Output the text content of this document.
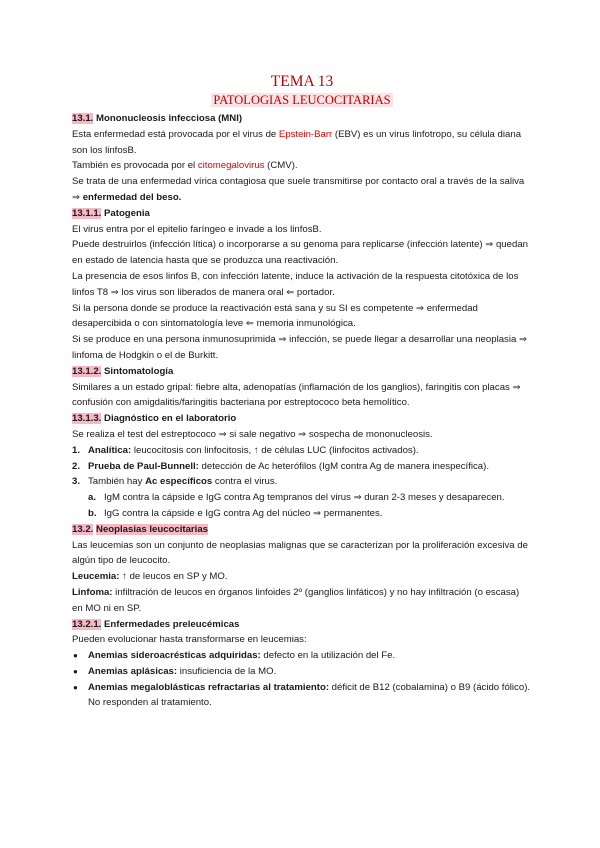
TEMA 13
PATOLOGIAS LEUCOCITARIAS

13.1. Mononucleosis infecciosa (MNI)

Esta enfermedad está provocada por el virus de Epstein-Barr (EBV) es un virus linfotropo, su célula diana son los linfosB.

También es provocada por el citomegalovirus (CMV).

Se trata de una enfermedad vírica contagiosa que suele transmitirse por contacto oral a través de la saliva ⇒ enfermedad del beso.

13.1.1. Patogenia

El virus entra por el epitelio faríngeo e invade a los linfosB.

Puede destruirlos (infección lítica) o incorporarse a su genoma para replicarse (infección latente) ⇒ quedan en estado de latencia hasta que se produzca una reactivación.

La presencia de esos linfos B, con infección latente, induce la activación de la respuesta citotóxica de los linfos T8 ⇒ los virus son liberados de manera oral ⇐ portador.

Si la persona donde se produce la reactivación está sana y su SI es competente ⇒ enfermedad desapercibida o con sintomatología leve ⇐ memoria inmunológica.

Si se produce en una persona inmunosuprimida ⇒ infección, se puede llegar a desarrollar una neoplasia ⇒ linfoma de Hodgkin o el de Burkitt.

13.1.2. Sintomatología

Similares a un estado gripal: fiebre alta, adenopatías (inflamación de los ganglios), faringitis con placas ⇒ confusión con amigdalitis/faringitis bacteriana por estreptococo beta hemolítico.

13.1.3. Diagnóstico en el laboratorio

Se realiza el test del estreptococo ⇒ si sale negativo ⇒ sospecha de mononucleosis.

1. Analítica: leucocitosis con linfocitosis, ↑ de células LUC (linfocitos activados).
2. Prueba de Paul-Bunnell: detección de Ac heterófilos (IgM contra Ag de manera inespecífica).
3. También hay Ac específicos contra el virus.
a. IgM contra la cápside e IgG contra Ag tempranos del virus ⇒ duran 2-3 meses y desaparecen.
b. IgG contra la cápside e IgG contra Ag del núcleo ⇒ permanentes.

13.2. Neoplasias leucocitarias

Las leucemias son un conjunto de neoplasias malignas que se caracterizan por la proliferación excesiva de algún tipo de leucocito.

Leucemia: ↑ de leucos en SP y MO.

Linfoma: infiltración de leucos en órganos linfoides 2º (ganglios linfáticos) y no hay infiltración (o escasa) en MO ni en SP.

13.2.1. Enfermedades preleucémicas

Pueden evolucionar hasta transformarse en leucemias:

● Anemias sideroacrésticas adquiridas: defecto en la utilización del Fe.
● Anemias aplásicas: insuficiencia de la MO.
● Anemias megaloblásticas refractarias al tratamiento: déficit de B12 (cobalamina) o B9 (ácido fólico). No responden al tratamiento.
